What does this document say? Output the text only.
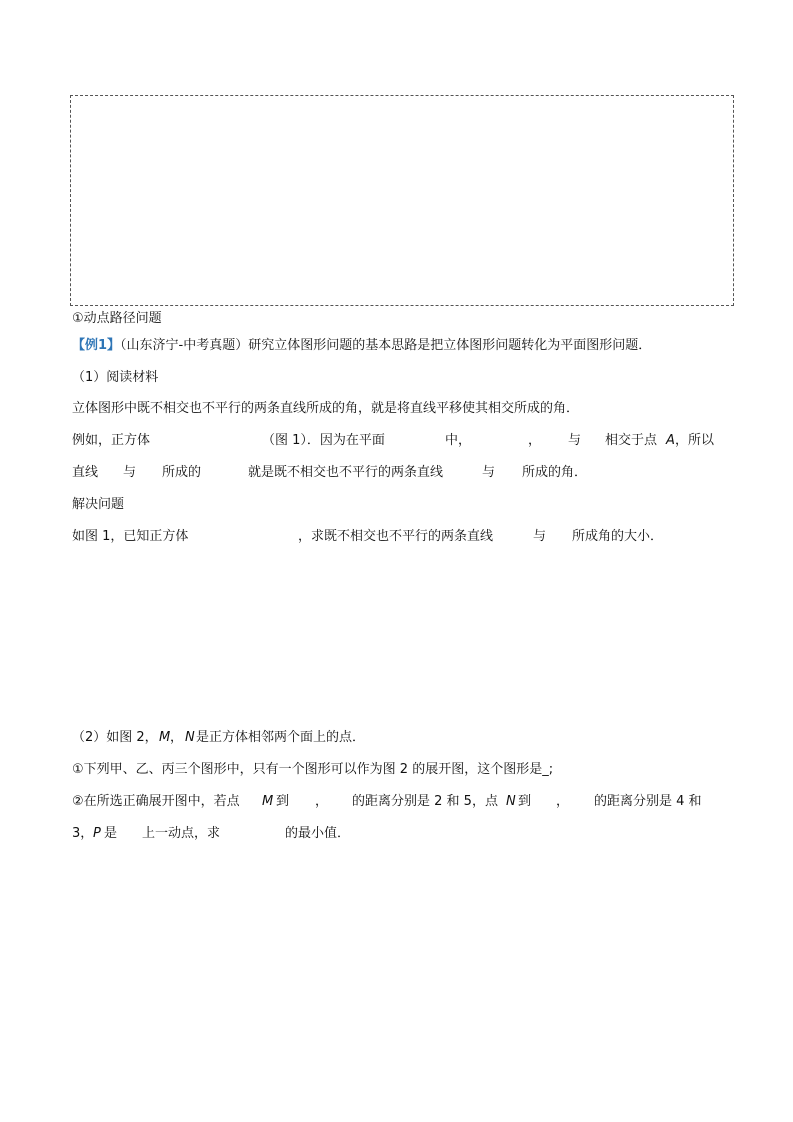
①动点路径问题
【例1】（山东济宁-中考真题）研究立体图形问题的基本思路是把立体图形问题转化为平面图形问题．
（1）阅读材料
立体图形中既不相交也不平行的两条直线所成的角，就是将直线平移使其相交所成的角．
例如，正方体	（图 1）．因为在平面	中，	， 与 相交于点 A ，所以
直线 与 所成的	就是既不相交也不平行的两条直线	与 所成的角．
解决问题
如图 1，已知正方体	，求既不相交也不平行的两条直线	与 所成角的大小．
（2）如图 2， M ， N 是正方体相邻两个面上的点．
①下列甲、乙、丙三个图形中，只有一个图形可以作为图 2 的展开图，这个图形是_;
②在所选正确展开图中，若点 M 到 ， 的距离分别是 2 和 5，点 N 到 ， 的距离分别是 4 和
3， P 是 上一动点，求	的最小值．
